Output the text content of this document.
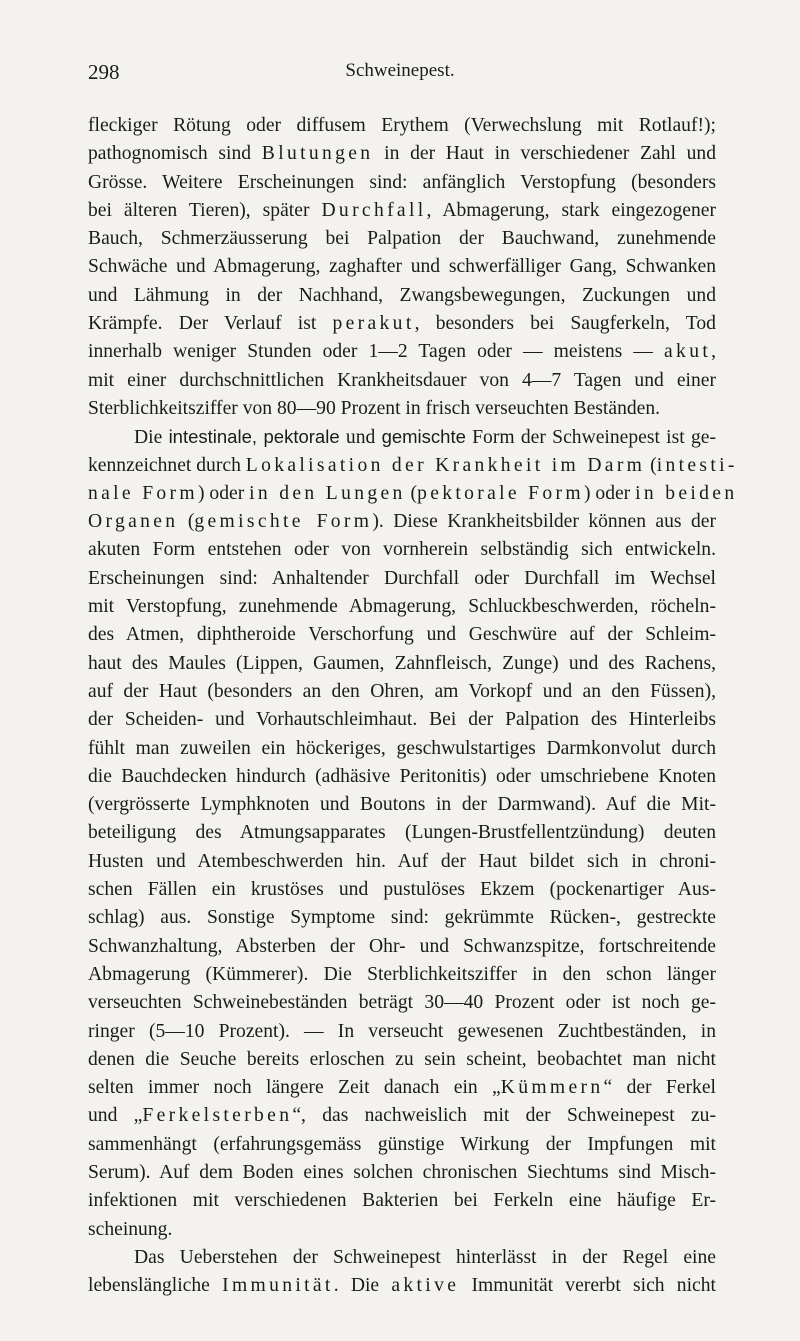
298	Schweinepest.
fleckiger Rötung oder diffusem Erythem (Verwechslung mit Rotlauf!);
pathognomisch sind Blutungen in der Haut in verschiedener Zahl und
Grösse. Weitere Erscheinungen sind: anfänglich Verstopfung (besonders
bei älteren Tieren), später Durchfall, Abmagerung, stark eingezogener
Bauch, Schmerzäusserung bei Palpation der Bauchwand, zunehmende
Schwäche und Abmagerung, zaghafter und schwerfälliger Gang, Schwanken
und Lähmung in der Nachhand, Zwangsbewegungen, Zuckungen und
Krämpfe. Der Verlauf ist perakut, besonders bei Saugferkeln, Tod
innerhalb weniger Stunden oder 1—2 Tagen oder — meistens — akut,
mit einer durchschnittlichen Krankheitsdauer von 4—7 Tagen und einer
Sterblichkeitsziffer von 80—90 Prozent in frisch verseuchten Beständen.
Die intestinale, pektorale und gemischte Form der Schweinepest ist ge-
kennzeichnet durch Lokalisation der Krankheit im Darm (intesti-
nale Form) oder in den Lungen (pektorale Form) oder in beiden
Organen (gemischte Form). Diese Krankheitsbilder können aus der
akuten Form entstehen oder von vornherein selbständig sich entwickeln.
Erscheinungen sind: Anhaltender Durchfall oder Durchfall im Wechsel
mit Verstopfung, zunehmende Abmagerung, Schluckbeschwerden, röcheln-
des Atmen, diphtheroide Verschorfung und Geschwüre auf der Schleim-
haut des Maules (Lippen, Gaumen, Zahnfleisch, Zunge) und des Rachens,
auf der Haut (besonders an den Ohren, am Vorkopf und an den Füssen),
der Scheiden- und Vorhautschleimhaut. Bei der Palpation des Hinterleibs
fühlt man zuweilen ein höckeriges, geschwulstartiges Darmkonvolut durch
die Bauchdecken hindurch (adhäsive Peritonitis) oder umschriebene Knoten
(vergrösserte Lymphknoten und Boutons in der Darmwand). Auf die Mit-
beteiligung des Atmungsapparates (Lungen-Brustfellentzündung) deuten
Husten und Atembeschwerden hin. Auf der Haut bildet sich in chroni-
schen Fällen ein krustöses und pustulöses Ekzem (pockenartiger Aus-
schlag) aus. Sonstige Symptome sind: gekrümmte Rücken-, gestreckte
Schwanzhaltung, Absterben der Ohr- und Schwanzspitze, fortschreitende
Abmagerung (Kümmerer). Die Sterblichkeitsziffer in den schon länger
verseuchten Schweinebeständen beträgt 30—40 Prozent oder ist noch ge-
ringer (5—10 Prozent). — In verseucht gewesenen Zuchtbeständen, in
denen die Seuche bereits erloschen zu sein scheint, beobachtet man nicht
selten immer noch längere Zeit danach ein „Kümmern“ der Ferkel
und „Ferkelsterben“, das nachweislich mit der Schweinepest zu-
sammenhängt (erfahrungsgemäss günstige Wirkung der Impfungen mit
Serum). Auf dem Boden eines solchen chronischen Siechtums sind Misch-
infektionen mit verschiedenen Bakterien bei Ferkeln eine häufige Er-
scheinung.
Das Ueberstehen der Schweinepest hinterlässt in der Regel eine
lebenslängliche Immunität. Die aktive Immunität vererbt sich nicht
